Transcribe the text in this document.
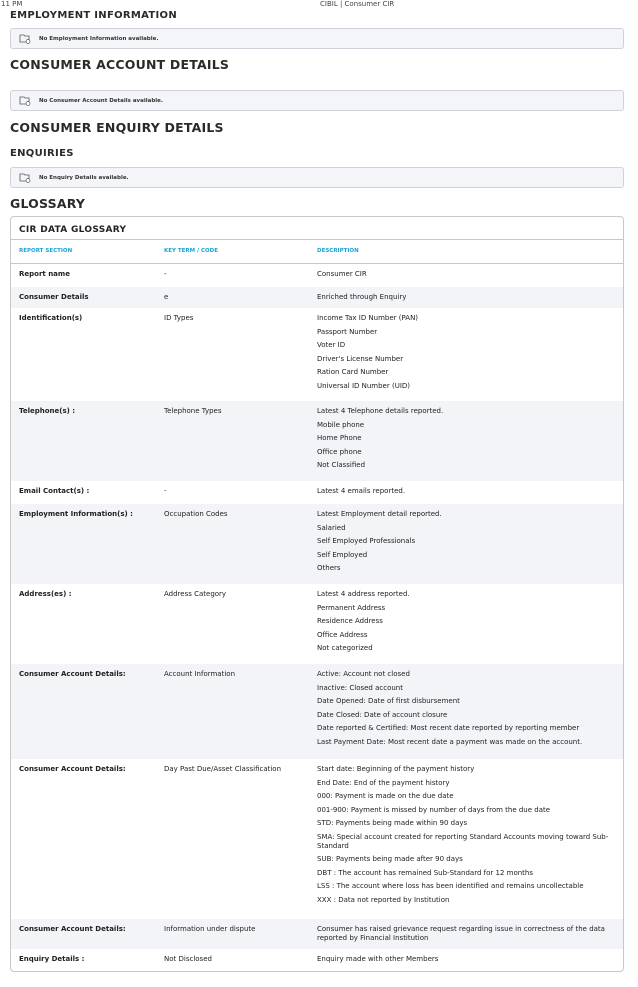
11 PM	CIBIL | Consumer CIR
EMPLOYMENT INFORMATION
No Employment Information available.
CONSUMER ACCOUNT DETAILS
No Consumer Account Details available.
CONSUMER ENQUIRY DETAILS
ENQUIRIES
No Enquiry Details available.
GLOSSARY
CIR DATA GLOSSARY
REPORT SECTION	KEY TERM / CODE	DESCRIPTION
Report name	-	Consumer CIR
Consumer Details	e	Enriched through Enquiry
Identification(s)	ID Types	Income Tax ID Number (PAN)
Passport Number
Voter ID
Driver's License Number
Ration Card Number
Universal ID Number (UID)
Telephone(s) :	Telephone Types	Latest 4 Telephone details reported.
Mobile phone
Home Phone
Office phone
Not Classified
Email Contact(s) :	-	Latest 4 emails reported.
Employment Information(s) :	Occupation Codes	Latest Employment detail reported.
Salaried
Self Employed Professionals
Self Employed
Others
Address(es) :	Address Category	Latest 4 address reported.
Permanent Address
Residence Address
Office Address
Not categorized
Consumer Account Details:	Account Information	Active: Account not closed
Inactive: Closed account
Date Opened: Date of first disbursement
Date Closed: Date of account closure
Date reported & Certified: Most recent date reported by reporting member
Last Payment Date: Most recent date a payment was made on the account.
Consumer Account Details:	Day Past Due/Asset Classification	Start date: Beginning of the payment history
End Date: End of the payment history
000: Payment is made on the due date
001-900: Payment is missed by number of days from the due date
STD: Payments being made within 90 days
SMA: Special account created for reporting Standard Accounts moving toward Sub-Standard
SUB: Payments being made after 90 days
DBT : The account has remained Sub-Standard for 12 months
LSS : The account where loss has been identified and remains uncollectable
XXX : Data not reported by Institution
Consumer Account Details:	Information under dispute	Consumer has raised grievance request regarding issue in correctness of the data reported by Financial Institution
Enquiry Details :	Not Disclosed	Enquiry made with other Members
